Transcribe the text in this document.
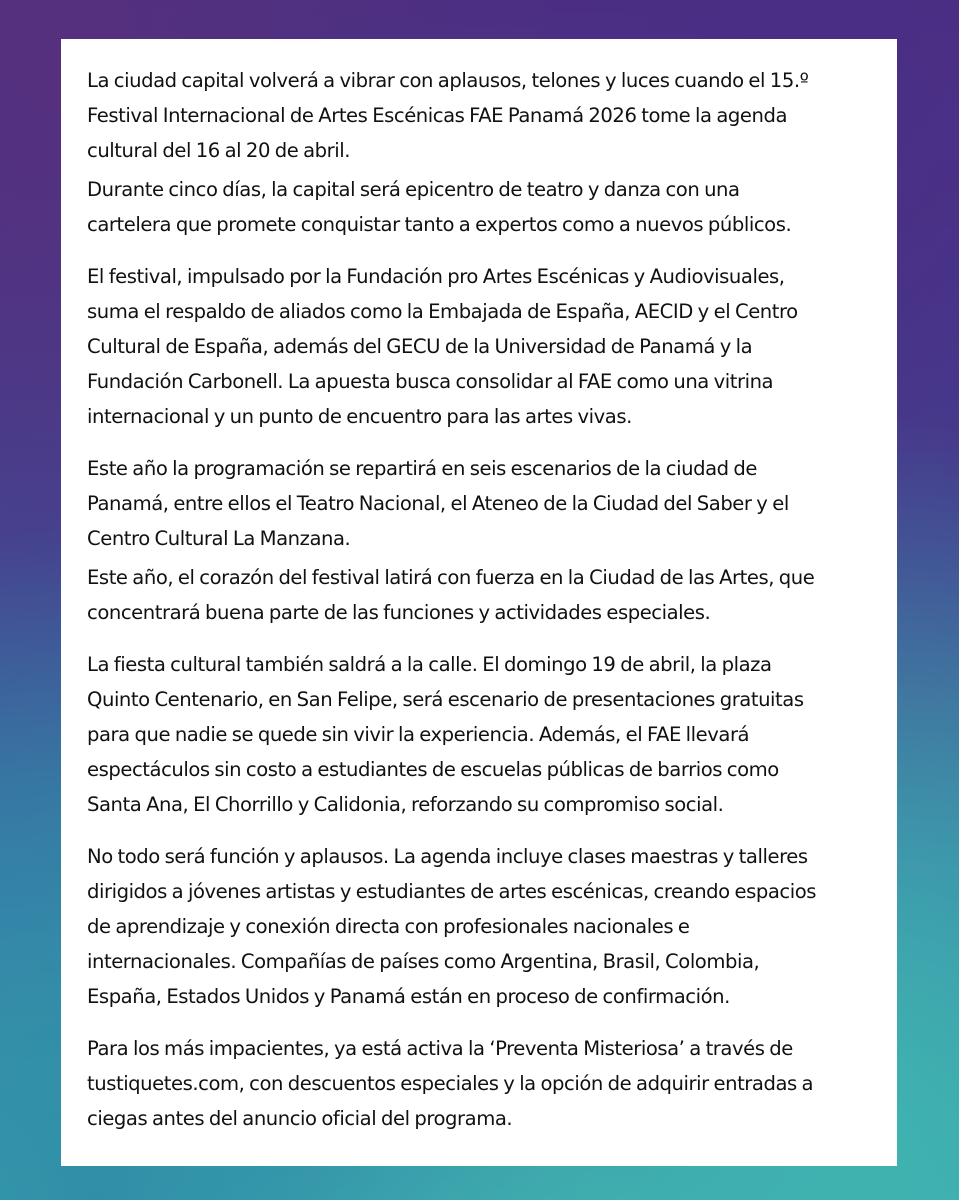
La ciudad capital volverá a vibrar con aplausos, telones y luces cuando el 15.º
Festival Internacional de Artes Escénicas FAE Panamá 2026 tome la agenda
cultural del 16 al 20 de abril.

Durante cinco días, la capital será epicentro de teatro y danza con una
cartelera que promete conquistar tanto a expertos como a nuevos públicos.

El festival, impulsado por la Fundación pro Artes Escénicas y Audiovisuales,
suma el respaldo de aliados como la Embajada de España, AECID y el Centro
Cultural de España, además del GECU de la Universidad de Panamá y la
Fundación Carbonell. La apuesta busca consolidar al FAE como una vitrina
internacional y un punto de encuentro para las artes vivas.

Este año la programación se repartirá en seis escenarios de la ciudad de
Panamá, entre ellos el Teatro Nacional, el Ateneo de la Ciudad del Saber y el
Centro Cultural La Manzana.

Este año, el corazón del festival latirá con fuerza en la Ciudad de las Artes, que
concentrará buena parte de las funciones y actividades especiales.

La fiesta cultural también saldrá a la calle. El domingo 19 de abril, la plaza
Quinto Centenario, en San Felipe, será escenario de presentaciones gratuitas
para que nadie se quede sin vivir la experiencia. Además, el FAE llevará
espectáculos sin costo a estudiantes de escuelas públicas de barrios como
Santa Ana, El Chorrillo y Calidonia, reforzando su compromiso social.

No todo será función y aplausos. La agenda incluye clases maestras y talleres
dirigidos a jóvenes artistas y estudiantes de artes escénicas, creando espacios
de aprendizaje y conexión directa con profesionales nacionales e
internacionales. Compañías de países como Argentina, Brasil, Colombia,
España, Estados Unidos y Panamá están en proceso de confirmación.

Para los más impacientes, ya está activa la ‘Preventa Misteriosa’ a través de
tustiquetes.com, con descuentos especiales y la opción de adquirir entradas a
ciegas antes del anuncio oficial del programa.
